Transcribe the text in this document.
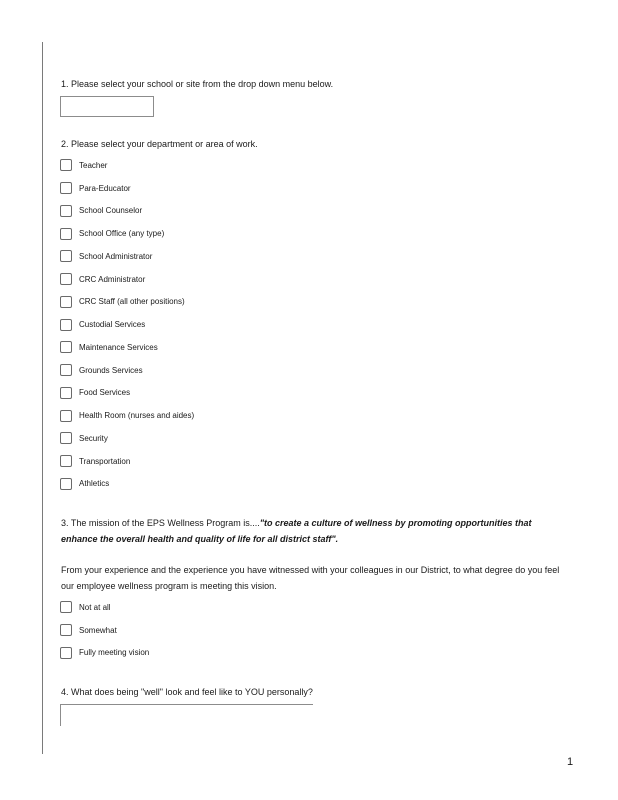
1. Please select your school or site from the drop down menu below.

2. Please select your department or area of work.

Teacher
Para-Educator
School Counselor
School Office (any type)
School Administrator
CRC Administrator
CRC Staff (all other positions)
Custodial Services
Maintenance Services
Grounds Services
Food Services
Health Room (nurses and aides)
Security
Transportation
Athletics

3. The mission of the EPS Wellness Program is...."to create a culture of wellness by promoting opportunities that enhance the overall health and quality of life for all district staff".

From your experience and the experience you have witnessed with your colleagues in our District, to what degree do you feel our employee wellness program is meeting this vision.

Not at all
Somewhat
Fully meeting vision

4. What does being "well" look and feel like to YOU personally?

1
